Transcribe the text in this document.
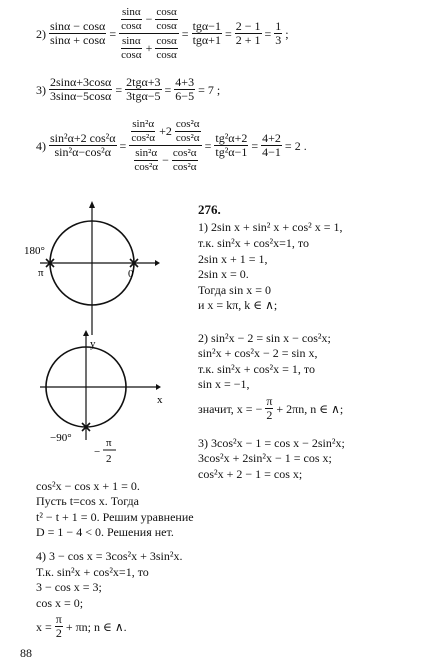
$2) \frac{\sin\alpha - \cos\alpha}{\sin\alpha + \cos\alpha} = \frac{\frac{\sin\alpha}{\cos\alpha} - \frac{\cos\alpha}{\cos\alpha}}{\frac{\sin\alpha}{\cos\alpha} + \frac{\cos\alpha}{\cos\alpha}} = \frac{\text{tgα−1}}{\text{tgα+1}} = \frac{2 - 1}{2 + 1} = \frac{1}{3}$ ;
$3) \frac{2\sin\alpha+3\cos\alpha}{3\sin\alpha-5\cos\alpha} = \frac{\text{2tgα+3}}{\text{3tgα−5}} = \frac{4+3}{6-5} = 7$ ;
$4) \frac{\text{sin²α+2 cos²α}}{\text{sin²α−cos²α}} = \frac{\frac{\text{sin²α}}{\text{cos²α}} +2 \frac{\text{cos²α}}{\text{cos²α}}}{\frac{\text{sin²α}}{\text{cos²α}} - \frac{\text{cos²α}}{\text{cos²α}}} = \frac{\text{tg²α+2}}{\text{tg²α−1}} = \frac{4+2}{4-1} = 2$ .
180°
π	0
y
x
−90°
−
π
2
276.
1) 2sin x + sin² x + cos² x = 1,
т.к. sin²x + cos²x=1, то
2sin x + 1 = 1,
2sin x = 0.
Тогда sin x = 0
и x = kπ, k ∈ ∧;
2) sin²x − 2 = sin x − cos²x;
sin²x + cos²x − 2 = sin x,
т.к. sin²x + cos²x = 1, то
sin x = −1,
значит, x = − $\frac{\pi}{2} + 2\pi n$, n ∈ ∧;
3) 3cos²x − 1 = cos x − 2sin²x;
3cos²x + 2sin²x − 1 = cos x;
cos²x + 2 − 1 = cos x;
cos²x − cos x + 1 = 0.
Пусть t=cos x. Тогда
t² − t + 1 = 0. Решим уравнение
D = 1 − 4 < 0. Решения нет.
4) 3 − cos x = 3cos²x + 3sin²x.
Т.к. sin²x + cos²x=1, то
3 − cos x = 3;
cos x = 0;
$x = \frac{\pi}{2} + \pi n$; n ∈ ∧.
88
